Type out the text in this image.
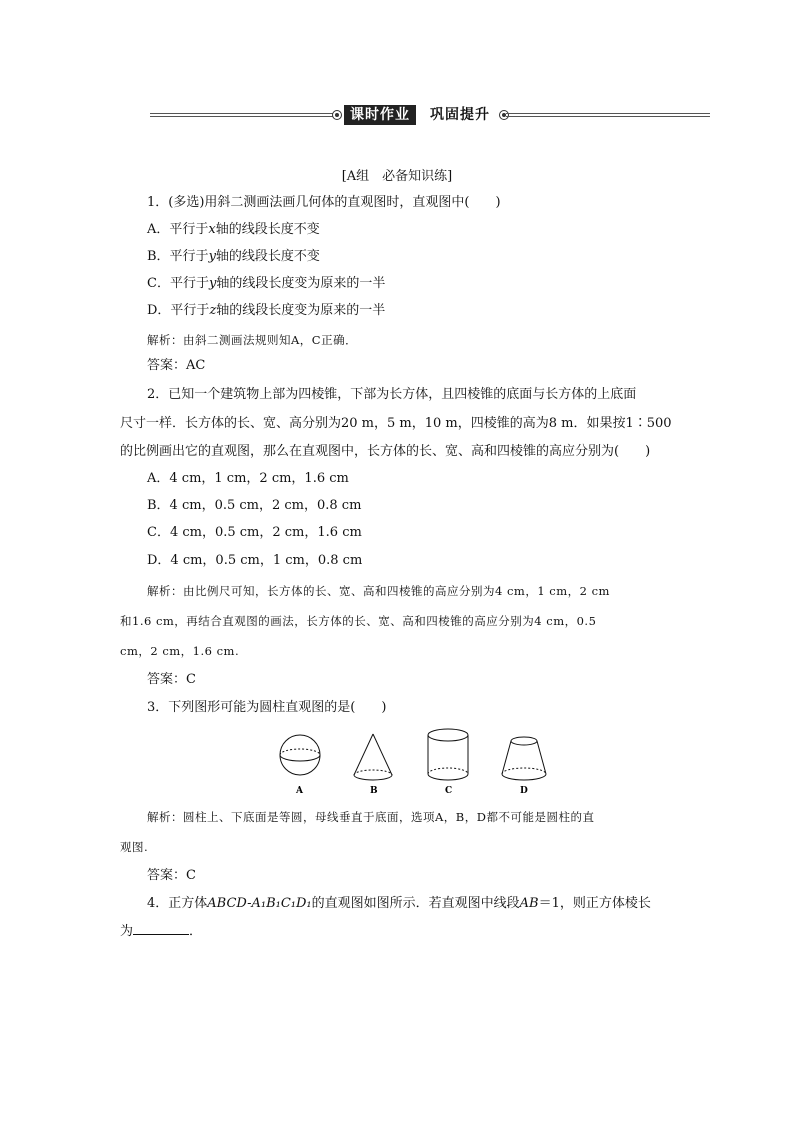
课时作业	巩固提升
[A组　必备知识练]
1．(多选)用斜二测画法画几何体的直观图时，直观图中(　　)
A．平行于x轴的线段长度不变
B．平行于y轴的线段长度不变
C．平行于y轴的线段长度变为原来的一半
D．平行于z轴的线段长度变为原来的一半
解析：由斜二测画法规则知A，C正确．
答案：AC
2．已知一个建筑物上部为四棱锥，下部为长方体，且四棱锥的底面与长方体的上底面
尺寸一样．长方体的长、宽、高分别为20 m，5 m，10 m，四棱锥的高为8 m．如果按1∶500
的比例画出它的直观图，那么在直观图中，长方体的长、宽、高和四棱锥的高应分别为(　　)
A．4 cm，1 cm，2 cm，1.6 cm
B．4 cm，0.5 cm，2 cm，0.8 cm
C．4 cm，0.5 cm，2 cm，1.6 cm
D．4 cm，0.5 cm，1 cm，0.8 cm
解析：由比例尺可知，长方体的长、宽、高和四棱锥的高应分别为4 cm，1 cm，2 cm
和1.6 cm，再结合直观图的画法，长方体的长、宽、高和四棱锥的高应分别为4 cm，0.5
cm，2 cm，1.6 cm.
答案：C
3．下列图形可能为圆柱直观图的是(　　)
A	B	C	D
解析：圆柱上、下底面是等圆，母线垂直于底面，选项A，B，D都不可能是圆柱的直
观图.
答案：C
4．正方体ABCD-A₁B₁C₁D₁的直观图如图所示．若直观图中线段AB＝1，则正方体棱长
为	．
